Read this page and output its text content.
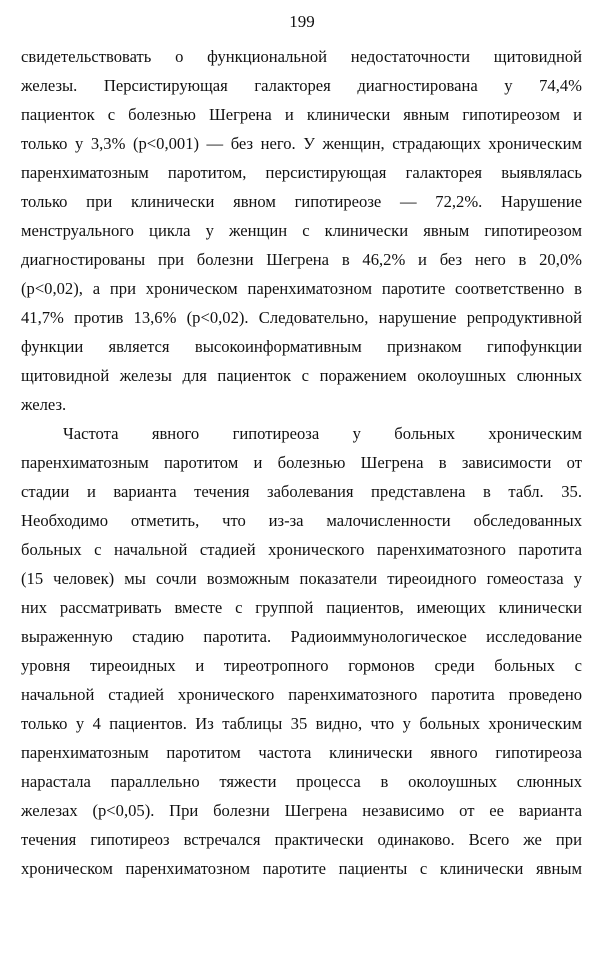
199
свидетельствовать о функциональной недостаточности щитовидной
железы. Персистирующая галакторея диагностирована у 74,4%
пациенток с болезнью Шегрена и клинически явным гипотиреозом и
только у 3,3% (p<0,001) — без него. У женщин, страдающих хроническим
паренхиматозным паротитом, персистирующая галакторея выявлялась
только при клинически явном гипотиреозе — 72,2%. Нарушение
менструального цикла у женщин с клинически явным гипотиреозом
диагностированы при болезни Шегрена в 46,2% и без него в 20,0%
(p<0,02), а при хроническом паренхиматозном паротите соответственно в
41,7% против 13,6% (p<0,02). Следовательно, нарушение репродуктивной
функции является высокоинформативным признаком гипофункции
щитовидной железы для пациенток с поражением околоушных слюнных
желез.
Частота явного гипотиреоза у больных хроническим
паренхиматозным паротитом и болезнью Шегрена в зависимости от
стадии и варианта течения заболевания представлена в табл. 35.
Необходимо отметить, что из-за малочисленности обследованных
больных с начальной стадией хронического паренхиматозного паротита
(15 человек) мы сочли возможным показатели тиреоидного гомеостаза у
них рассматривать вместе с группой пациентов, имеющих клинически
выраженную стадию паротита. Радиоиммунологическое исследование
уровня тиреоидных и тиреотропного гормонов среди больных с
начальной стадией хронического паренхиматозного паротита проведено
только у 4 пациентов. Из таблицы 35 видно, что у больных хроническим
паренхиматозным паротитом частота клинически явного гипотиреоза
нарастала параллельно тяжести процесса в околоушных слюнных
железах (p<0,05). При болезни Шегрена независимо от ее варианта
течения гипотиреоз встречался практически одинаково. Всего же при
хроническом паренхиматозном паротите пациенты с клинически явным
